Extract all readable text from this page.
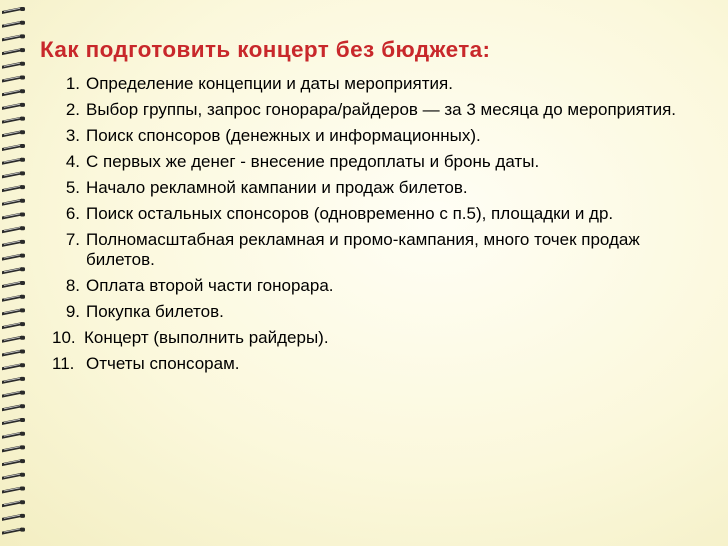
Как подготовить концерт без бюджета:
1. Определение концепции и даты мероприятия.
2. Выбор группы, запрос гонорара/райдеров — за 3 месяца до мероприятия.
3. Поиск спонсоров (денежных и информационных).
4. С первых же денег - внесение предоплаты и бронь даты.
5. Начало рекламной кампании и продаж билетов.
6. Поиск остальных спонсоров (одновременно с п.5), площадки и др.
7. Полномасштабная рекламная и промо-кампания, много точек продаж билетов.
8. Оплата второй части гонорара.
9. Покупка билетов.
10. Концерт (выполнить райдеры).
11. Отчеты спонсорам.
